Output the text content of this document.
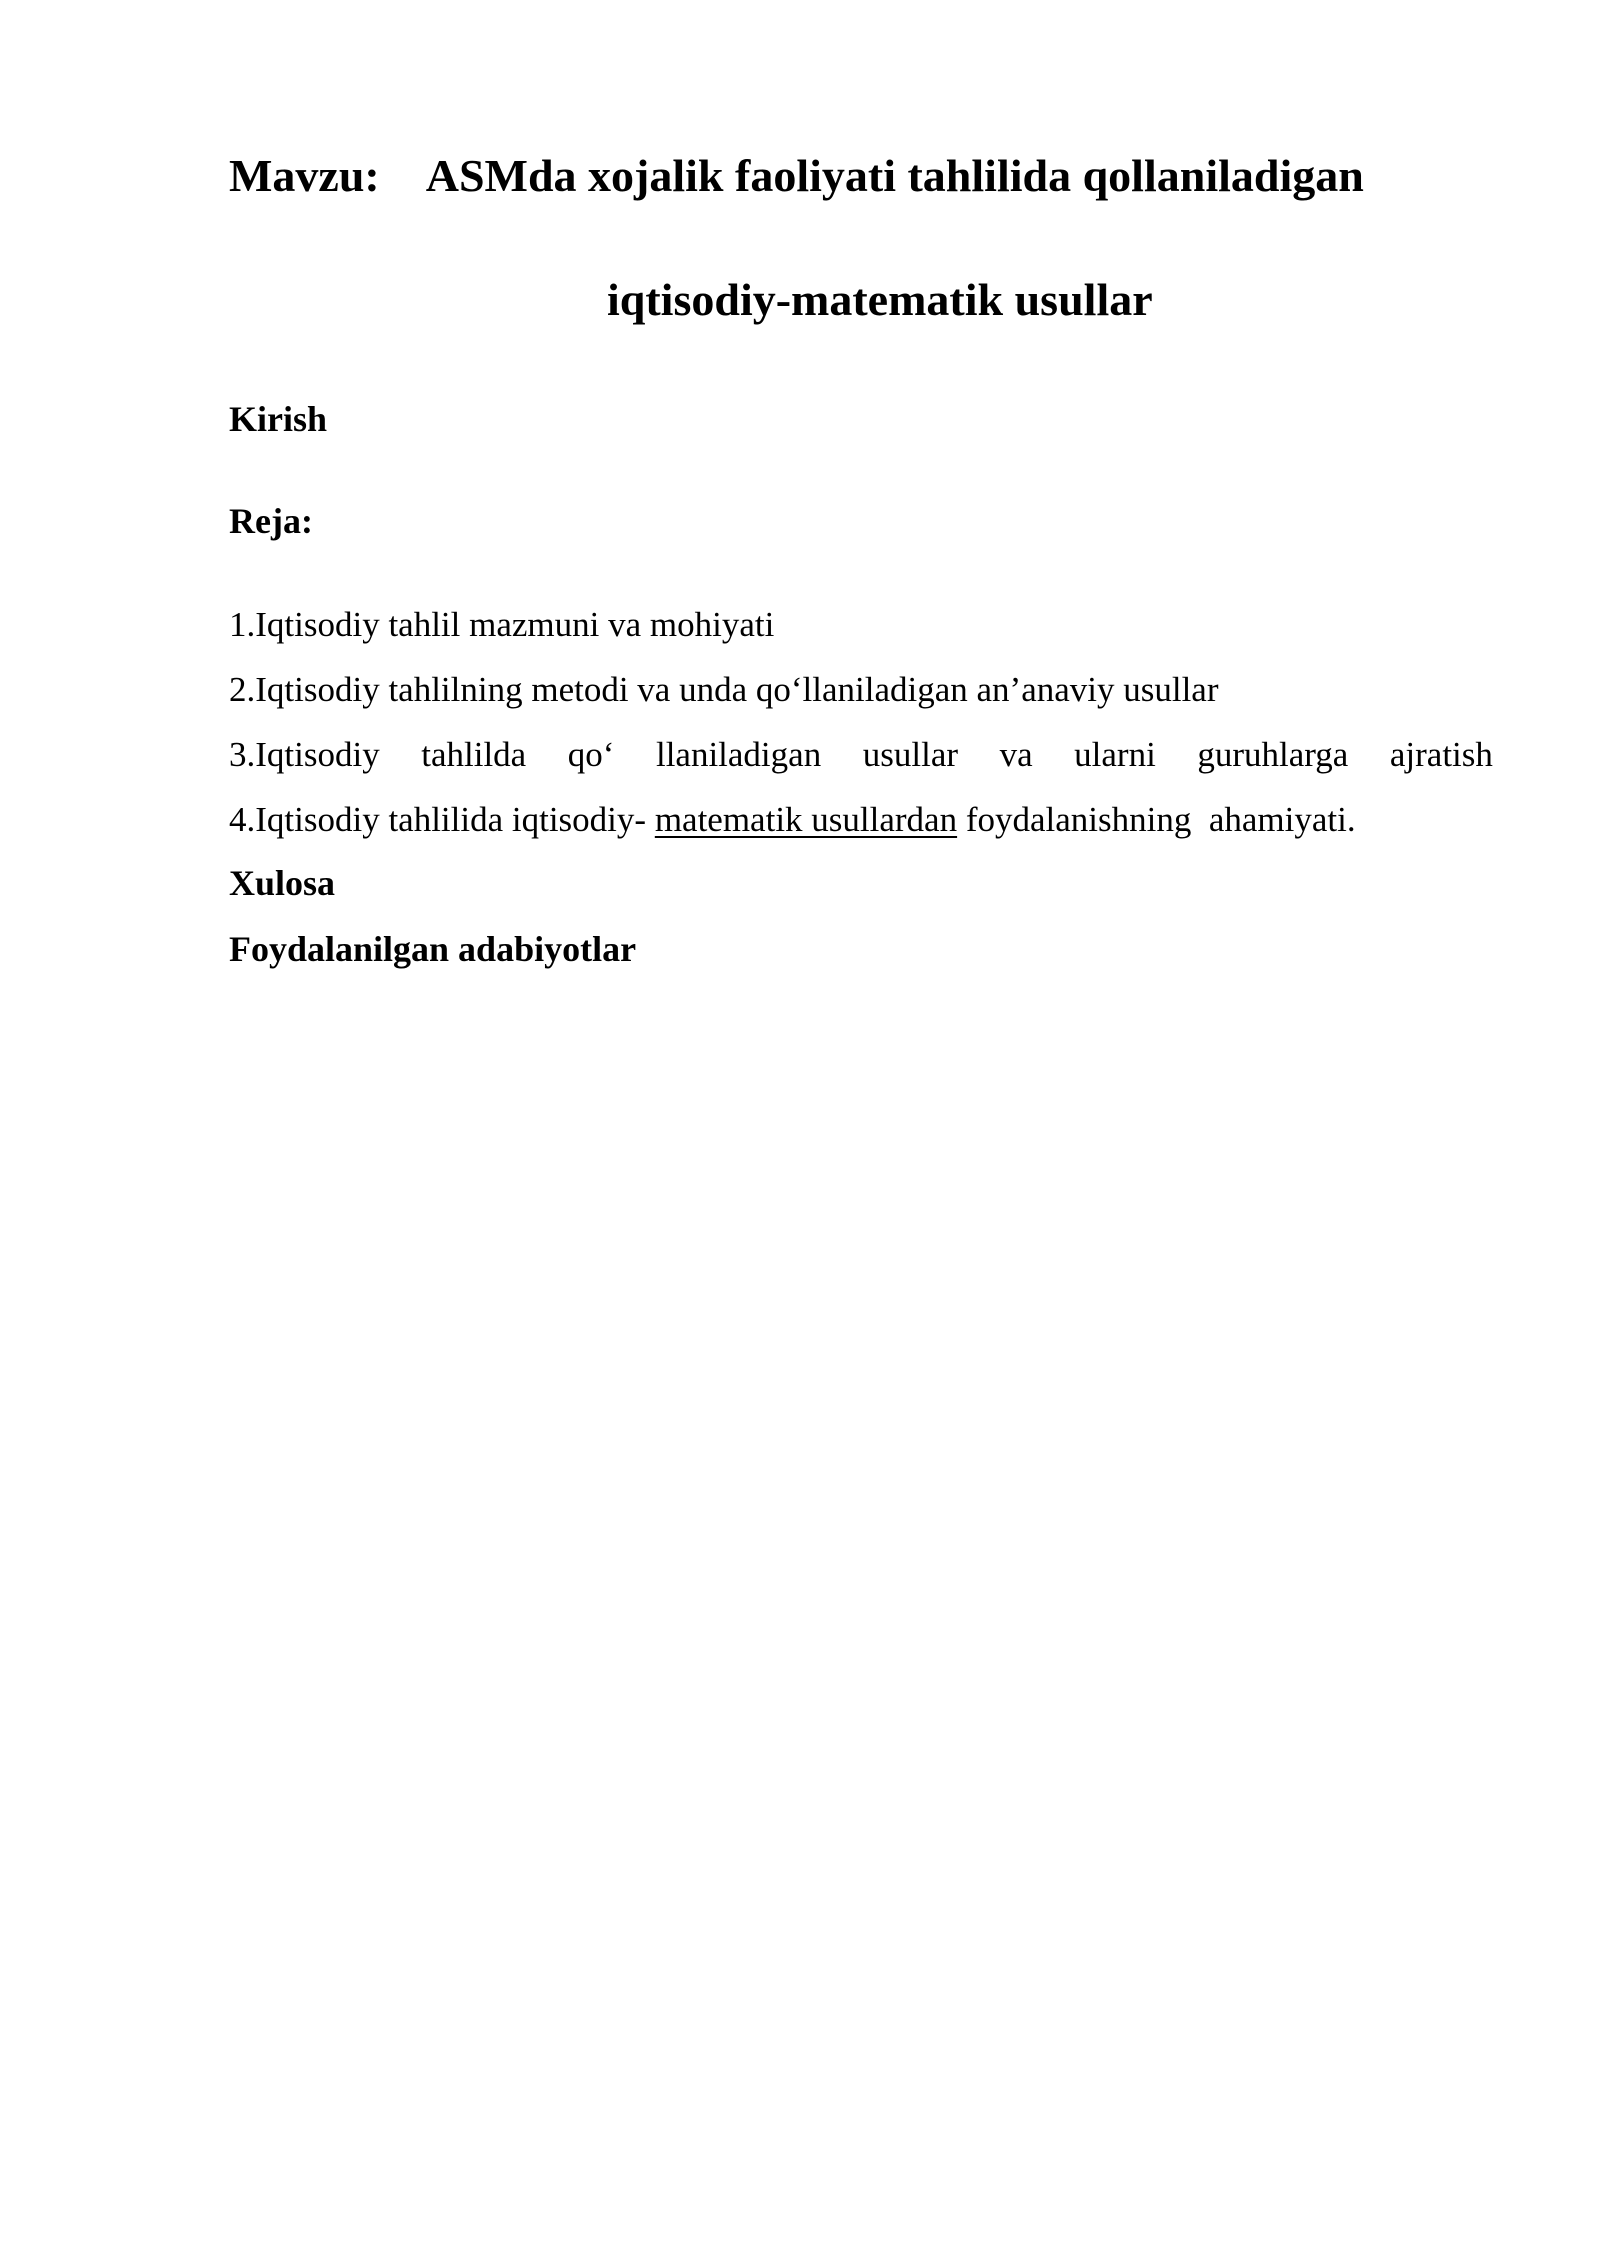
Mavzu: ASMda xojalik faoliyati tahlilida qollaniladigan
iqtisodiy-matematik usullar
Kirish
Reja:
1.Iqtisodiy tahlil mazmuni va mohiyati
2.Iqtisodiy tahlilning metodi va unda qo‘llaniladigan an’anaviy usullar
3.Iqtisodiy tahlilda qo‘ llaniladigan usullar va ularni guruhlarga ajratish
4.Iqtisodiy tahlilida iqtisodiy- matematik usullardan foydalanishning  ahamiyati.
Xulosa
Foydalanilgan adabiyotlar
